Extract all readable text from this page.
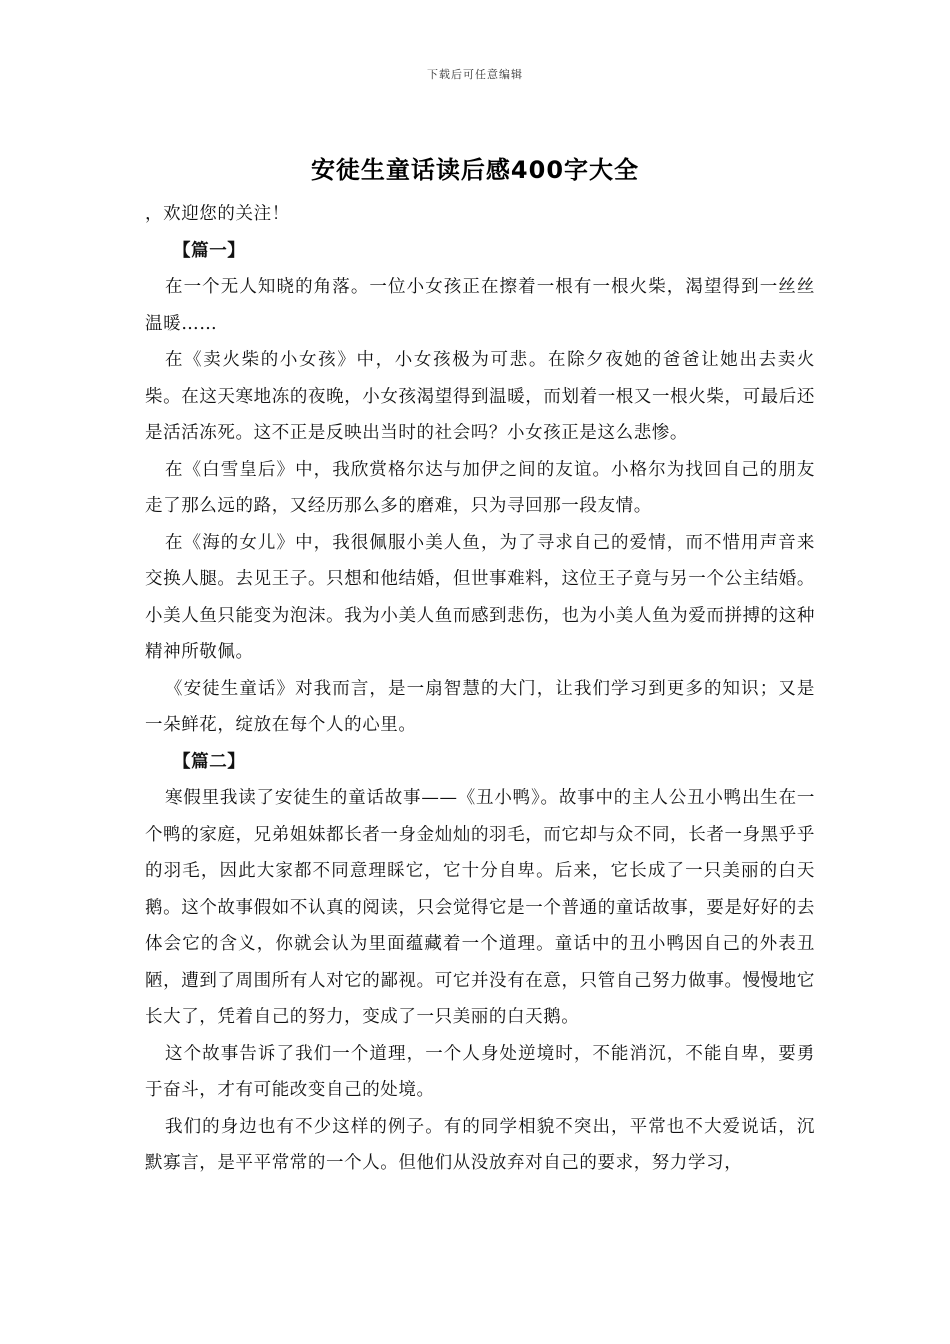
下载后可任意编辑
安徒生童话读后感400字大全

，欢迎您的关注！

【篇一】

在一个无人知晓的角落。一位小女孩正在擦着一根有一根火柴，渴望得到一丝丝温暖……

在《卖火柴的小女孩》中，小女孩极为可悲。在除夕夜她的爸爸让她出去卖火柴。在这天寒地冻的夜晚，小女孩渴望得到温暖，而划着一根又一根火柴，可最后还是活活冻死。这不正是反映出当时的社会吗？小女孩正是这么悲惨。

在《白雪皇后》中，我欣赏格尔达与加伊之间的友谊。小格尔为找回自己的朋友走了那么远的路，又经历那么多的磨难，只为寻回那一段友情。

在《海的女儿》中，我很佩服小美人鱼，为了寻求自己的爱情，而不惜用声音来交换人腿。去见王子。只想和他结婚，但世事难料，这位王子竟与另一个公主结婚。小美人鱼只能变为泡沫。我为小美人鱼而感到悲伤，也为小美人鱼为爱而拼搏的这种精神所敬佩。

《安徒生童话》对我而言，是一扇智慧的大门，让我们学习到更多的知识；又是一朵鲜花，绽放在每个人的心里。

【篇二】

寒假里我读了安徒生的童话故事——《丑小鸭》。故事中的主人公丑小鸭出生在一个鸭的家庭，兄弟姐妹都长者一身金灿灿的羽毛，而它却与众不同，长者一身黑乎乎的羽毛，因此大家都不同意理睬它，它十分自卑。后来，它长成了一只美丽的白天鹅。这个故事假如不认真的阅读，只会觉得它是一个普通的童话故事，要是好好的去体会它的含义，你就会认为里面蕴藏着一个道理。童话中的丑小鸭因自己的外表丑陋，遭到了周围所有人对它的鄙视。可它并没有在意，只管自己努力做事。慢慢地它长大了，凭着自己的努力，变成了一只美丽的白天鹅。

这个故事告诉了我们一个道理，一个人身处逆境时，不能消沉，不能自卑，要勇于奋斗，才有可能改变自己的处境。

我们的身边也有不少这样的例子。有的同学相貌不突出，平常也不大爱说话，沉默寡言，是平平常常的一个人。但他们从没放弃对自己的要求，努力学习，
